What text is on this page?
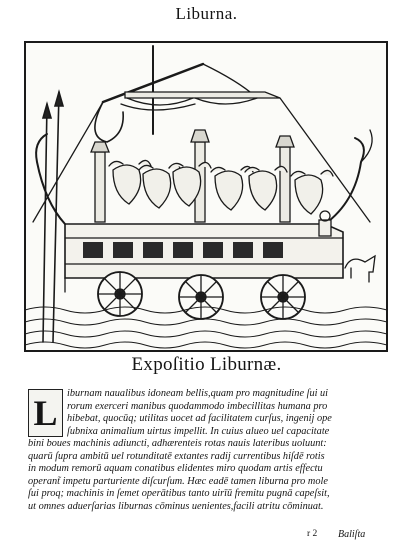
Liburna.
Expoſitio Liburnæ.
L iburnam naualibus idoneam bellis,quam pro magnitudine ſui ui
rorum exerceri manibus quodammodo imbecillitas humana pro
hibebat, quocūq; utilitas uocet ad facilitatem curſus, ingenij ope
ſubnixa animalium uirtus impellit. In cuius alueo uel capacitate
bini boues machinis adiuncti, adhærenteis rotas nauis lateribus uoluunt:
quarū ſupra ambitū uel rotunditatē extantes radij currentibus hiſdē rotis
in modum remorū aquam conatibus elidentes miro quodam artis effectu
operant̃ impetu parturiente diſcurſum. Hæc eadē tamen liburna pro mole
ſui proq; machinis in ſemet operātibus tanto uirīū fremitu pugnā capeſsit,
ut omnes aduerſarias liburnas cōminus uenientes,facili atritu cōminuat.
r 2 Baliſta
